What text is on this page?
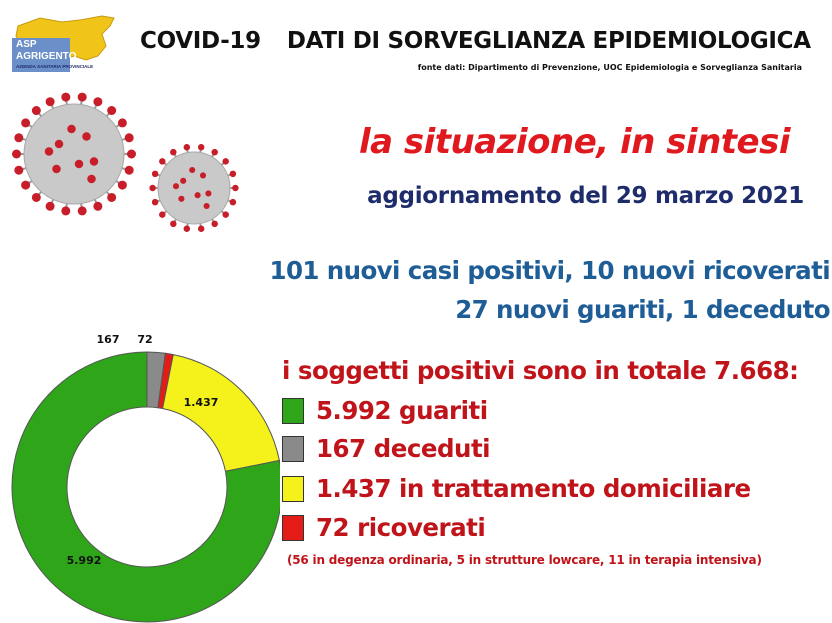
ASP
AGRIGENTO
AZIENDA SANITARIA PROVINCIALE
COVID-19 DATI DI SORVEGLIANZA EPIDEMIOLOGICA
fonte dati: Dipartimento di Prevenzione, UOC Epidemiologia e Sorveglianza Sanitaria
la situazione, in sintesi
aggiornamento del 29 marzo 2021
101 nuovi casi positivi, 10 nuovi ricoverati
27 nuovi guariti, 1 deceduto
i soggetti positivi sono in totale 7.668:
5.992 guariti
167 deceduti
1.437 in trattamento domiciliare
72 ricoverati
(56 in degenza ordinaria, 5 in strutture lowcare, 11 in terapia intensiva)
167 72
1.437
5.992
